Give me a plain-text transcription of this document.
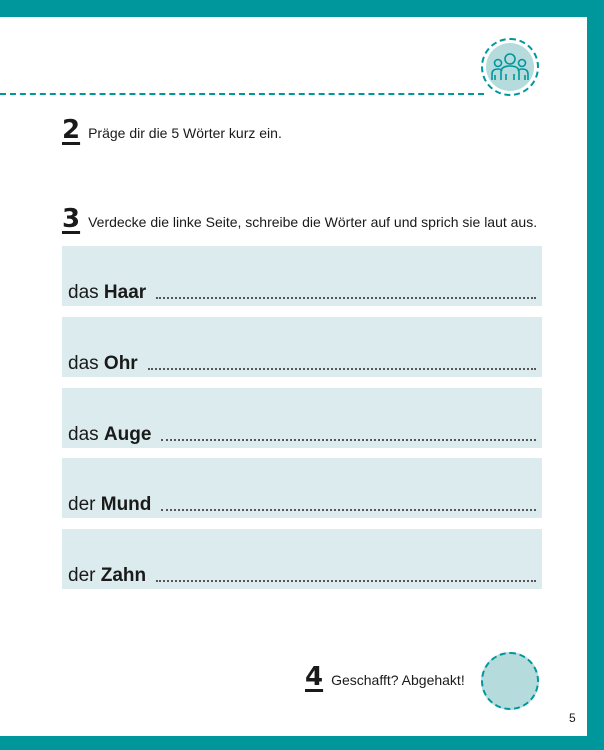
2 Präge dir die 5 Wörter kurz ein.
3 Verdecke die linke Seite, schreibe die Wörter auf und sprich sie laut aus.
das Haar
das Ohr
das Auge
der Mund
der Zahn
4 Geschafft? Abgehakt!
5
